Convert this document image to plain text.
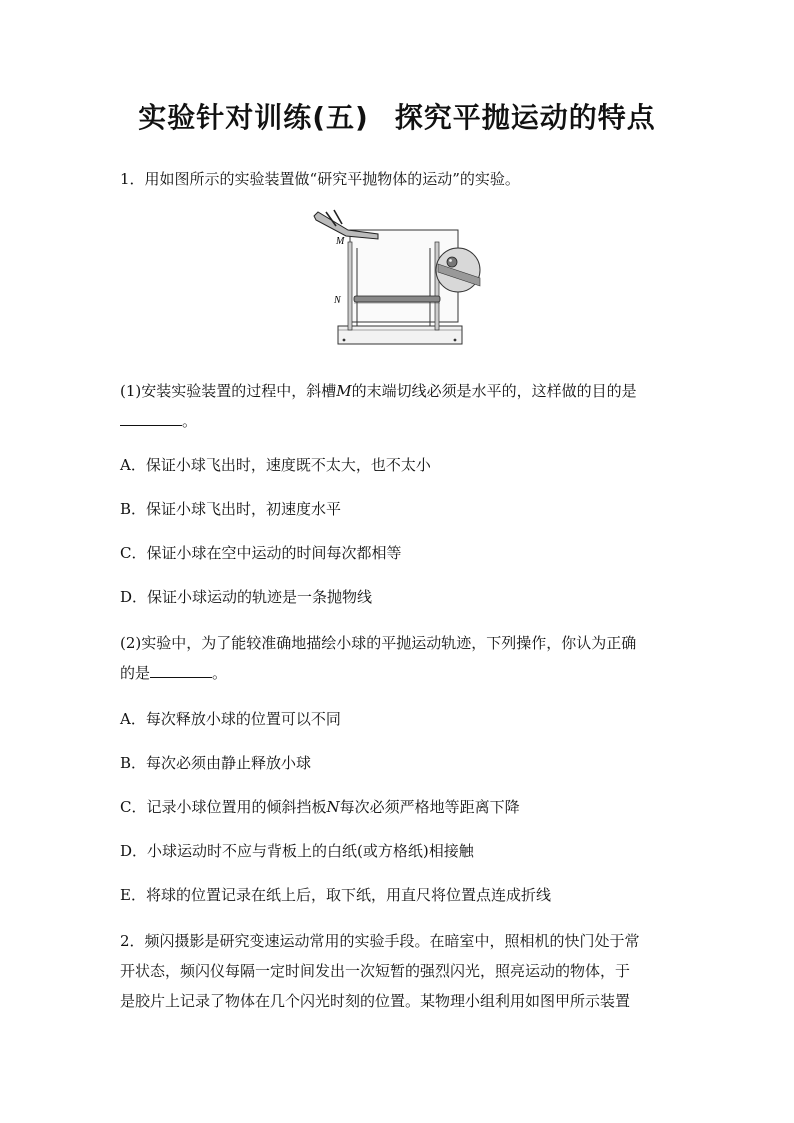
实验针对训练(五) 探究平抛运动的特点
1．用如图所示的实验装置做“研究平抛物体的运动”的实验。
M
N
(1)安装实验装置的过程中，斜槽M的末端切线必须是水平的，这样做的目的是
。
A．保证小球飞出时，速度既不太大，也不太小
B．保证小球飞出时，初速度水平
C．保证小球在空中运动的时间每次都相等
D．保证小球运动的轨迹是一条抛物线
(2)实验中，为了能较准确地描绘小球的平抛运动轨迹，下列操作，你认为正确
的是	。
A．每次释放小球的位置可以不同
B．每次必须由静止释放小球
C．记录小球位置用的倾斜挡板N每次必须严格地等距离下降
D．小球运动时不应与背板上的白纸(或方格纸)相接触
E．将球的位置记录在纸上后，取下纸，用直尺将位置点连成折线
2．频闪摄影是研究变速运动常用的实验手段。在暗室中，照相机的快门处于常
开状态，频闪仪每隔一定时间发出一次短暂的强烈闪光，照亮运动的物体，于
是胶片上记录了物体在几个闪光时刻的位置。某物理小组利用如图甲所示装置
